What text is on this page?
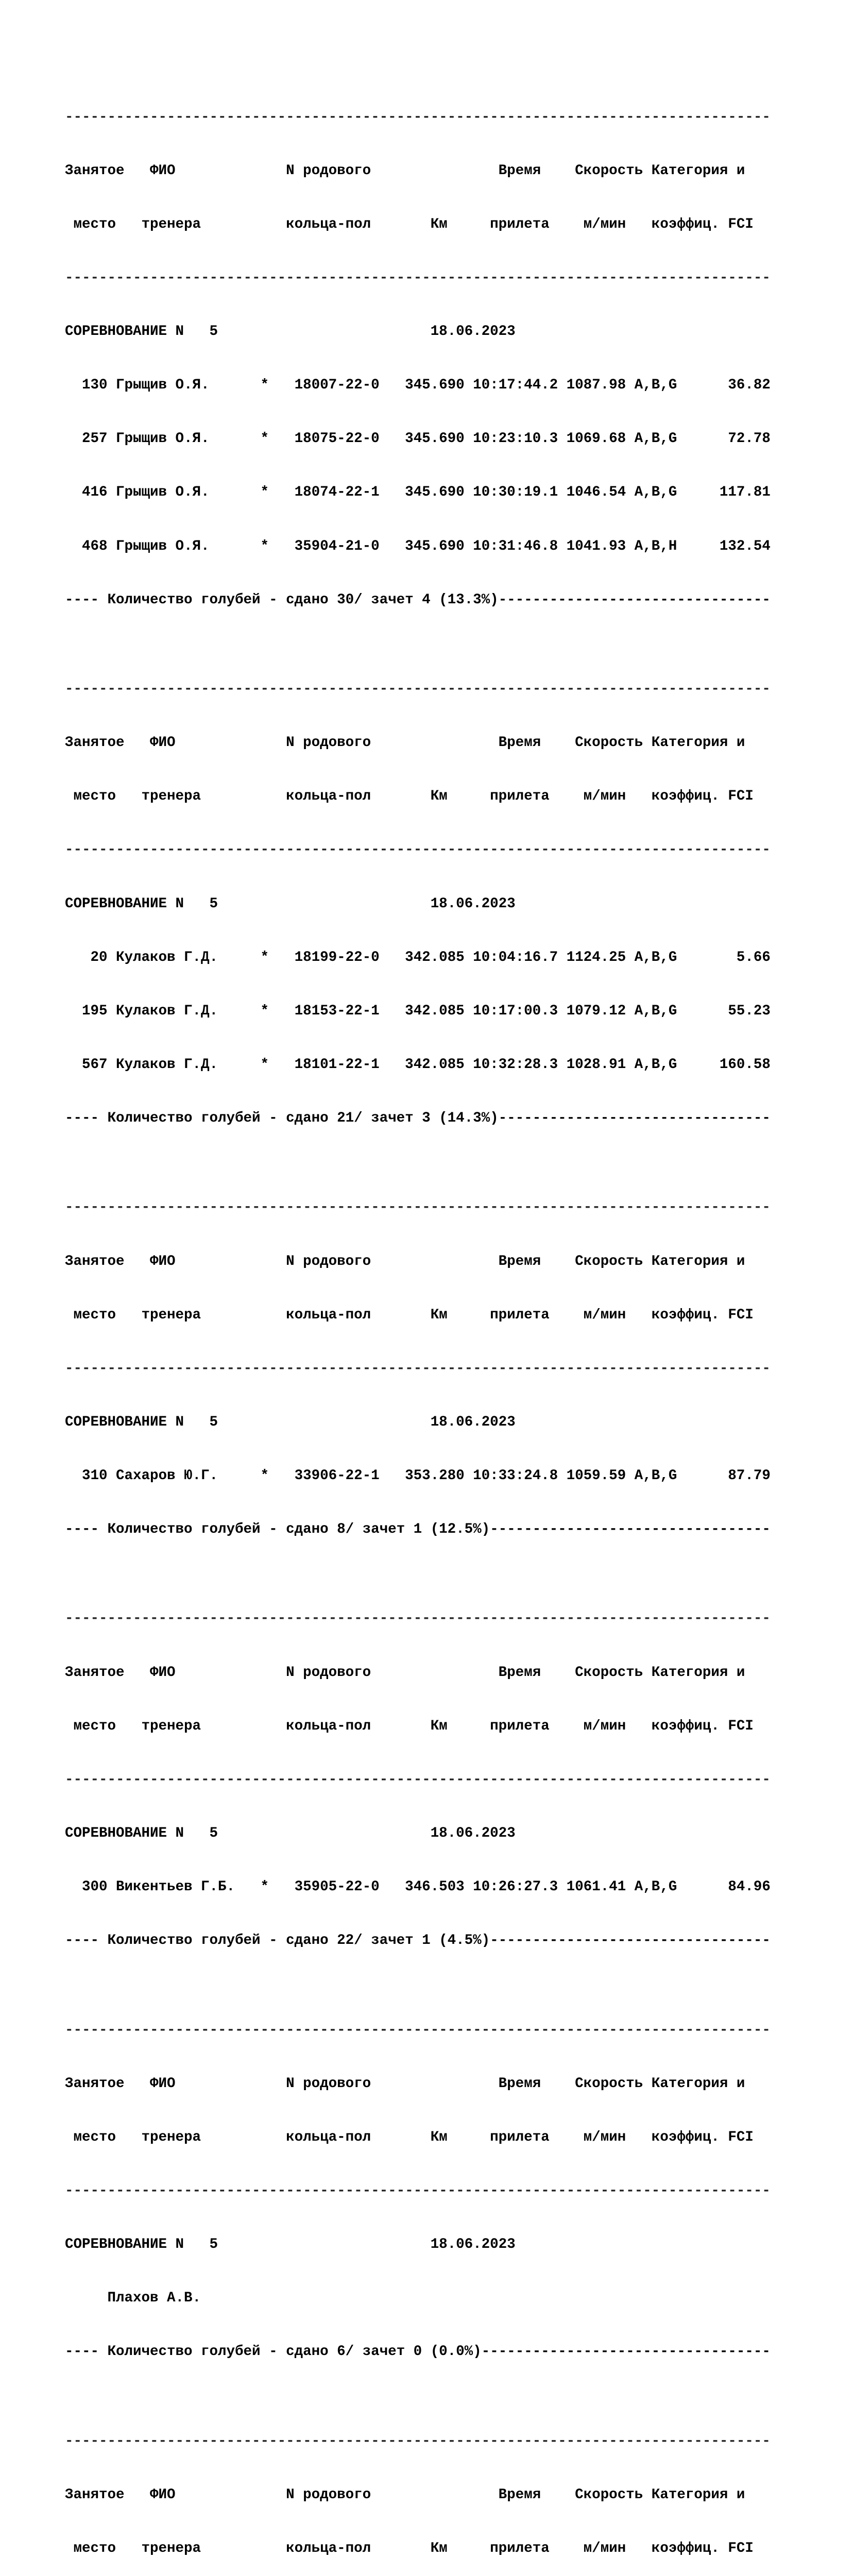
-----------------------------------------------------------------------------------

Занятое   ФИО             N родового               Время    Скорость Категория и

место   тренера          кольца-пол       Км     прилета    м/мин   коэффиц. FCI

-----------------------------------------------------------------------------------

СОРЕВНОВАНИЕ N   5                         18.06.2023

130 Грыщив О.Я.      *   18007-22-0   345.690 10:17:44.2 1087.98 A,B,G      36.82

257 Грыщив О.Я.      *   18075-22-0   345.690 10:23:10.3 1069.68 A,B,G      72.78

416 Грыщив О.Я.      *   18074-22-1   345.690 10:30:19.1 1046.54 A,B,G     117.81

468 Грыщив О.Я.      *   35904-21-0   345.690 10:31:46.8 1041.93 A,B,H     132.54

---- Количество голубей - сдано 30/ зачет 4 (13.3%)--------------------------------

-----------------------------------------------------------------------------------

Занятое   ФИО             N родового               Время    Скорость Категория и

место   тренера          кольца-пол       Км     прилета    м/мин   коэффиц. FCI

-----------------------------------------------------------------------------------

СОРЕВНОВАНИЕ N   5                         18.06.2023

20 Кулаков Г.Д.     *   18199-22-0   342.085 10:04:16.7 1124.25 A,B,G       5.66

195 Кулаков Г.Д.     *   18153-22-1   342.085 10:17:00.3 1079.12 A,B,G      55.23

567 Кулаков Г.Д.     *   18101-22-1   342.085 10:32:28.3 1028.91 A,B,G     160.58

---- Количество голубей - сдано 21/ зачет 3 (14.3%)--------------------------------

-----------------------------------------------------------------------------------

Занятое   ФИО             N родового               Время    Скорость Категория и

место   тренера          кольца-пол       Км     прилета    м/мин   коэффиц. FCI

-----------------------------------------------------------------------------------

СОРЕВНОВАНИЕ N   5                         18.06.2023

310 Сахаров Ю.Г.     *   33906-22-1   353.280 10:33:24.8 1059.59 A,B,G      87.79

---- Количество голубей - сдано 8/ зачет 1 (12.5%)---------------------------------

-----------------------------------------------------------------------------------

Занятое   ФИО             N родового               Время    Скорость Категория и

место   тренера          кольца-пол       Км     прилета    м/мин   коэффиц. FCI

-----------------------------------------------------------------------------------

СОРЕВНОВАНИЕ N   5                         18.06.2023

300 Викентьев Г.Б.   *   35905-22-0   346.503 10:26:27.3 1061.41 A,B,G      84.96

---- Количество голубей - сдано 22/ зачет 1 (4.5%)---------------------------------

-----------------------------------------------------------------------------------

Занятое   ФИО             N родового               Время    Скорость Категория и

место   тренера          кольца-пол       Км     прилета    м/мин   коэффиц. FCI

-----------------------------------------------------------------------------------

СОРЕВНОВАНИЕ N   5                         18.06.2023

Плахов А.В.

---- Количество голубей - сдано 6/ зачет 0 (0.0%)----------------------------------

-----------------------------------------------------------------------------------

Занятое   ФИО             N родового               Время    Скорость Категория и

место   тренера          кольца-пол       Км     прилета    м/мин   коэффиц. FCI
